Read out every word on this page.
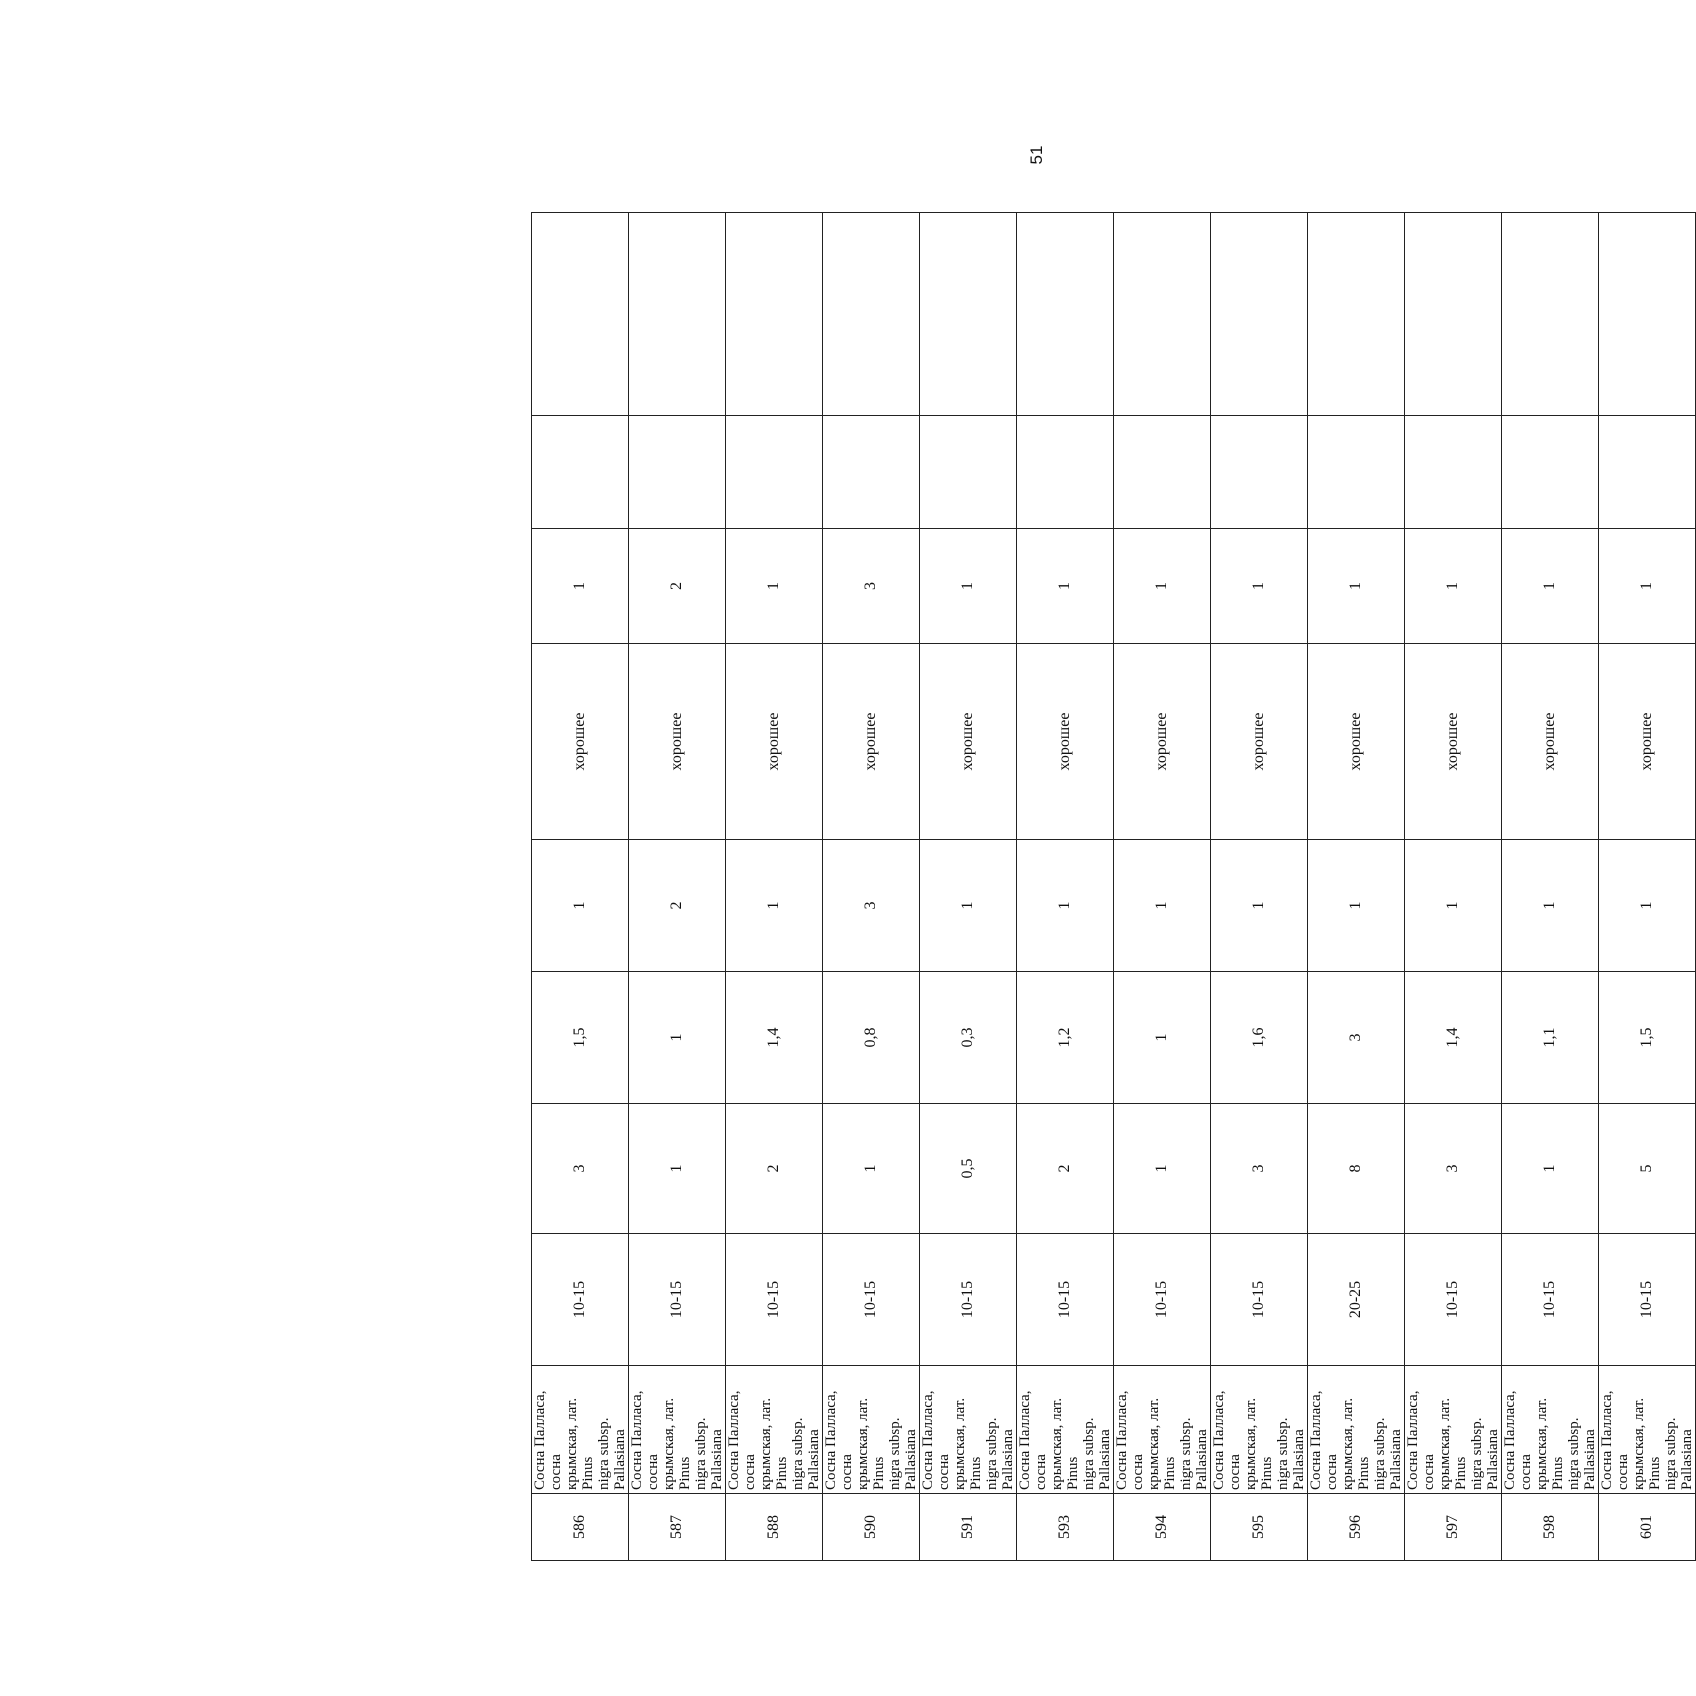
51
586	Сосна Палласа, сосна крымская, лат. Pinus nigra subsp. Pallasiana	10-15	3	1,5	1	хорошее	1		
587	Сосна Палласа, сосна крымская, лат. Pinus nigra subsp. Pallasiana	10-15	1	1	2	хорошее	2		
588	Сосна Палласа, сосна крымская, лат. Pinus nigra subsp. Pallasiana	10-15	2	1,4	1	хорошее	1		
590	Сосна Палласа, сосна крымская, лат. Pinus nigra subsp. Pallasiana	10-15	1	0,8	3	хорошее	3		
591	Сосна Палласа, сосна крымская, лат. Pinus nigra subsp. Pallasiana	10-15	0,5	0,3	1	хорошее	1		
593	Сосна Палласа, сосна крымская, лат. Pinus nigra subsp. Pallasiana	10-15	2	1,2	1	хорошее	1		
594	Сосна Палласа, сосна крымская, лат. Pinus nigra subsp. Pallasiana	10-15	1	1	1	хорошее	1		
595	Сосна Палласа, сосна крымская, лат. Pinus nigra subsp. Pallasiana	10-15	3	1,6	1	хорошее	1		
596	Сосна Палласа, сосна крымская, лат. Pinus nigra subsp. Pallasiana	20-25	8	3	1	хорошее	1		
597	Сосна Палласа, сосна крымская, лат. Pinus nigra subsp. Pallasiana	10-15	3	1,4	1	хорошее	1		
598	Сосна Палласа, сосна крымская, лат. Pinus nigra subsp. Pallasiana	10-15	1	1,1	1	хорошее	1		
601	Сосна Палласа, сосна крымская, лат. Pinus nigra subsp. Pallasiana	10-15	5	1,5	1	хорошее	1		
